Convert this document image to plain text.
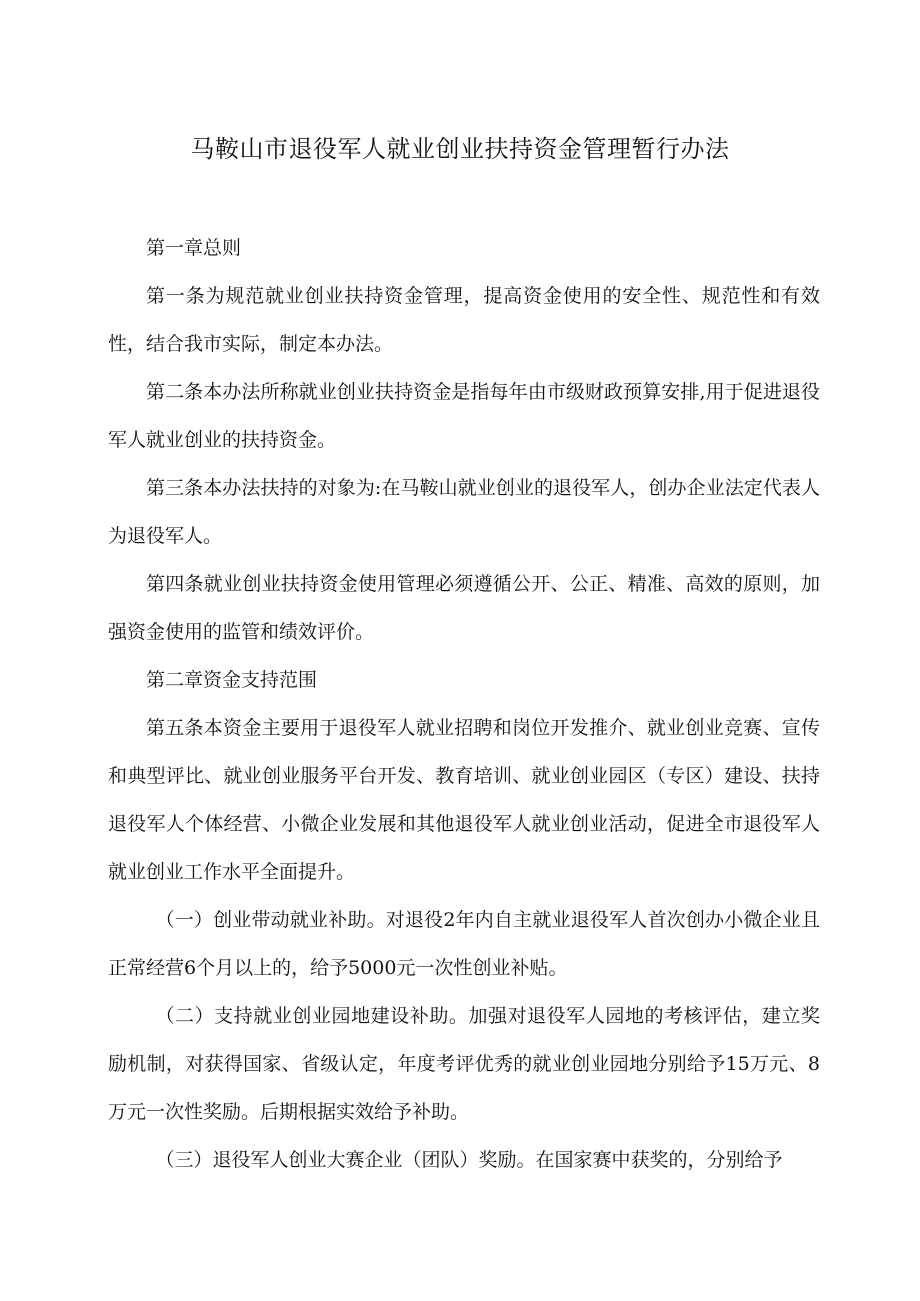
马鞍山市退役军人就业创业扶持资金管理暂行办法

第一章总则

第一条为规范就业创业扶持资金管理，提高资金使用的安全性、规范性和有效性，结合我市实际，制定本办法。

第二条本办法所称就业创业扶持资金是指每年由市级财政预算安排,用于促进退役军人就业创业的扶持资金。

第三条本办法扶持的对象为:在马鞍山就业创业的退役军人，创办企业法定代表人为退役军人。

第四条就业创业扶持资金使用管理必须遵循公开、公正、精准、高效的原则，加强资金使用的监管和绩效评价。

第二章资金支持范围

第五条本资金主要用于退役军人就业招聘和岗位开发推介、就业创业竞赛、宣传和典型评比、就业创业服务平台开发、教育培训、就业创业园区（专区）建设、扶持退役军人个体经营、小微企业发展和其他退役军人就业创业活动，促进全市退役军人就业创业工作水平全面提升。

（一）创业带动就业补助。对退役2年内自主就业退役军人首次创办小微企业且正常经营6个月以上的，给予5000元一次性创业补贴。

（二）支持就业创业园地建设补助。加强对退役军人园地的考核评估，建立奖励机制，对获得国家、省级认定，年度考评优秀的就业创业园地分别给予15万元、8万元一次性奖励。后期根据实效给予补助。

（三）退役军人创业大赛企业（团队）奖励。在国家赛中获奖的，分别给予
